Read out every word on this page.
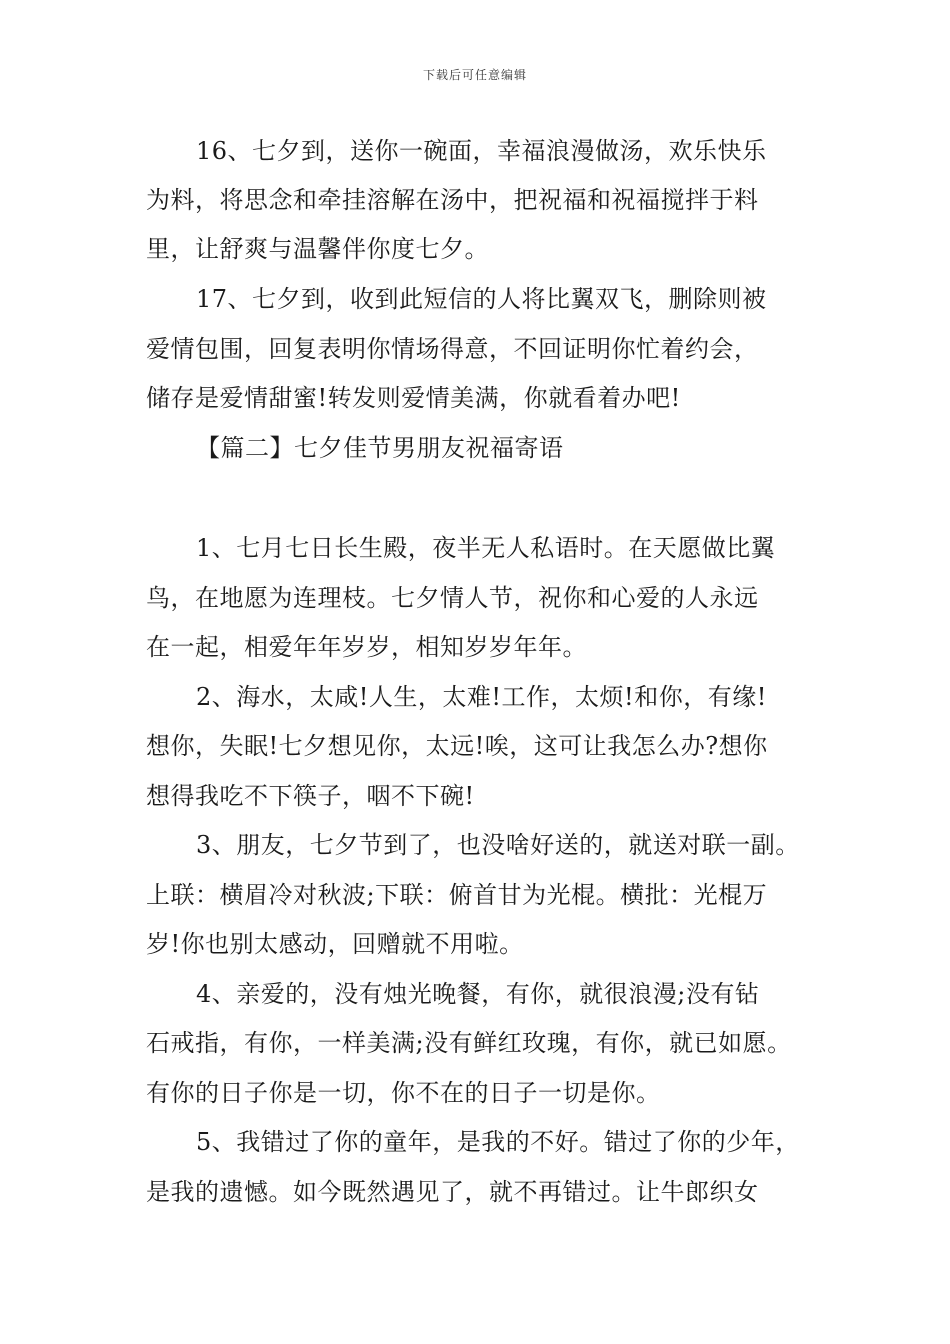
下载后可任意编辑
16、七夕到，送你一碗面，幸福浪漫做汤，欢乐快乐
为料，将思念和牵挂溶解在汤中，把祝福和祝福搅拌于料
里，让舒爽与温馨伴你度七夕。
17、七夕到，收到此短信的人将比翼双飞，删除则被
爱情包围，回复表明你情场得意，不回证明你忙着约会，
储存是爱情甜蜜!转发则爱情美满，你就看着办吧!
【篇二】七夕佳节男朋友祝福寄语
1、七月七日长生殿，夜半无人私语时。在天愿做比翼
鸟，在地愿为连理枝。七夕情人节，祝你和心爱的人永远
在一起，相爱年年岁岁，相知岁岁年年。
2、海水，太咸!人生，太难!工作，太烦!和你，有缘!
想你，失眠!七夕想见你，太远!唉，这可让我怎么办?想你
想得我吃不下筷子，咽不下碗!
3、朋友，七夕节到了，也没啥好送的，就送对联一副。
上联：横眉冷对秋波;下联：俯首甘为光棍。横批：光棍万
岁!你也别太感动，回赠就不用啦。
4、亲爱的，没有烛光晚餐，有你，就很浪漫;没有钻
石戒指，有你，一样美满;没有鲜红玫瑰，有你，就已如愿。
有你的日子你是一切，你不在的日子一切是你。
5、我错过了你的童年，是我的不好。错过了你的少年，
是我的遗憾。如今既然遇见了，就不再错过。让牛郎织女
